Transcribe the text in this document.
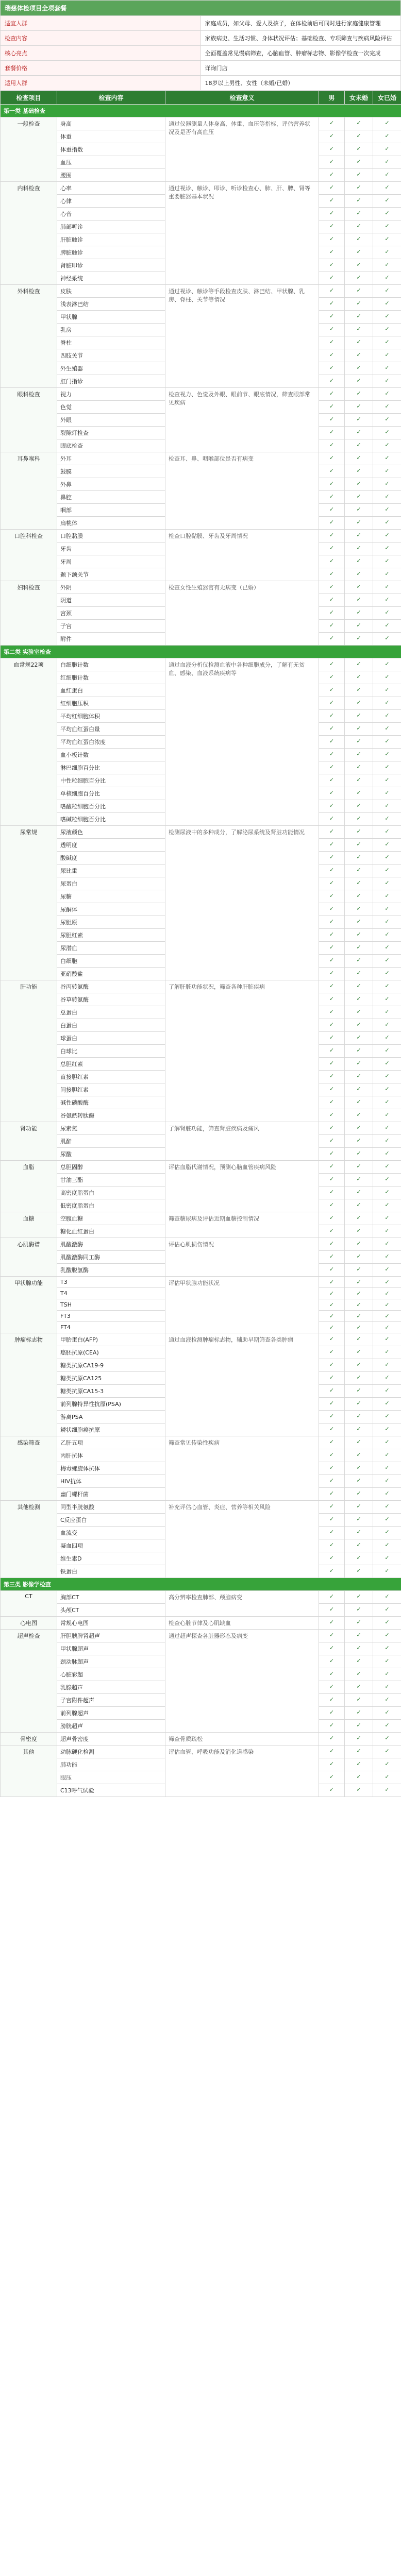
瑞慈体检项目全项套餐	
适宜人群	家庭成员，如父母、爱人及孩子，在体检前后可同时进行家庭健康管理
检查内容	家族病史、生活习惯、身体状况评估；基础检查、专项筛查与疾病风险评估
核心亮点	全面覆盖常见慢病筛查，心脑血管、肿瘤标志物、影像学检查一次完成
套餐价格	详询门店
适用人群	18岁以上男性、女性（未婚/已婚）
检查项目	检查内容	检查意义	男	女未婚	女已婚
第一类 基础检查					
一般检查	身高	通过仪器测量人体身高、体重、血压等指标，评估营养状况及是否有高血压	✓	✓	✓
	体重		✓	✓	✓
	体重指数		✓	✓	✓
	血压		✓	✓	✓
	腰围		✓	✓	✓
内科检查	心率	通过视诊、触诊、叩诊、听诊检查心、肺、肝、脾、肾等重要脏器基本状况	✓	✓	✓
	心律		✓	✓	✓
	心音		✓	✓	✓
	肺部听诊		✓	✓	✓
	肝脏触诊		✓	✓	✓
	脾脏触诊		✓	✓	✓
	肾脏叩诊		✓	✓	✓
	神经系统		✓	✓	✓
外科检查	皮肤	通过视诊、触诊等手段检查皮肤、淋巴结、甲状腺、乳房、脊柱、关节等情况	✓	✓	✓
	浅表淋巴结		✓	✓	✓
	甲状腺		✓	✓	✓
	乳房		✓	✓	✓
	脊柱		✓	✓	✓
	四肢关节		✓	✓	✓
	外生殖器		✓	✓	✓
	肛门指诊		✓	✓	✓
眼科检查	视力	检查视力、色觉及外眼、眼前节、眼底情况，筛查眼部常见疾病	✓	✓	✓
	色觉		✓	✓	✓
	外眼		✓	✓	✓
	裂隙灯检查		✓	✓	✓
	眼底检查		✓	✓	✓
耳鼻喉科	外耳	检查耳、鼻、咽喉部位是否有病变	✓	✓	✓
	鼓膜		✓	✓	✓
	外鼻		✓	✓	✓
	鼻腔		✓	✓	✓
	咽部		✓	✓	✓
	扁桃体		✓	✓	✓
口腔科检查	口腔黏膜	检查口腔黏膜、牙齿及牙周情况	✓	✓	✓
	牙齿		✓	✓	✓
	牙周		✓	✓	✓
	颞下颌关节		✓	✓	✓
妇科检查	外阴	检查女性生殖器官有无病变（已婚）	✓	✓	✓
	阴道		✓	✓	✓
	宫颈		✓	✓	✓
	子宫		✓	✓	✓
	附件		✓	✓	✓
第二类 实验室检查					
血常规22项	白细胞计数	通过血液分析仪检测血液中各种细胞成分，了解有无贫血、感染、血液系统疾病等	✓	✓	✓
	红细胞计数		✓	✓	✓
	血红蛋白		✓	✓	✓
	红细胞压积		✓	✓	✓
	平均红细胞体积		✓	✓	✓
	平均血红蛋白量		✓	✓	✓
	平均血红蛋白浓度		✓	✓	✓
	血小板计数		✓	✓	✓
	淋巴细胞百分比		✓	✓	✓
	中性粒细胞百分比		✓	✓	✓
	单核细胞百分比		✓	✓	✓
	嗜酸粒细胞百分比		✓	✓	✓
	嗜碱粒细胞百分比		✓	✓	✓
尿常规	尿液颜色	检测尿液中的多种成分，了解泌尿系统及肾脏功能情况	✓	✓	✓
	透明度		✓	✓	✓
	酸碱度		✓	✓	✓
	尿比重		✓	✓	✓
	尿蛋白		✓	✓	✓
	尿糖		✓	✓	✓
	尿酮体		✓	✓	✓
	尿胆原		✓	✓	✓
	尿胆红素		✓	✓	✓
	尿潜血		✓	✓	✓
	白细胞		✓	✓	✓
	亚硝酸盐		✓	✓	✓
肝功能	谷丙转氨酶	了解肝脏功能状况，筛查各种肝脏疾病	✓	✓	✓
	谷草转氨酶		✓	✓	✓
	总蛋白		✓	✓	✓
	白蛋白		✓	✓	✓
	球蛋白		✓	✓	✓
	白球比		✓	✓	✓
	总胆红素		✓	✓	✓
	直接胆红素		✓	✓	✓
	间接胆红素		✓	✓	✓
	碱性磷酸酶		✓	✓	✓
	谷氨酰转肽酶		✓	✓	✓
肾功能	尿素氮	了解肾脏功能，筛查肾脏疾病及痛风	✓	✓	✓
	肌酐		✓	✓	✓
	尿酸		✓	✓	✓
血脂	总胆固醇	评估血脂代谢情况，预测心脑血管疾病风险	✓	✓	✓
	甘油三酯		✓	✓	✓
	高密度脂蛋白		✓	✓	✓
	低密度脂蛋白		✓	✓	✓
血糖	空腹血糖	筛查糖尿病及评估近期血糖控制情况	✓	✓	✓
	糖化血红蛋白		✓	✓	✓
心肌酶谱	肌酸激酶	评估心肌损伤情况	✓	✓	✓
	肌酸激酶同工酶		✓	✓	✓
	乳酸脱氢酶		✓	✓	✓
甲状腺功能	T3	评估甲状腺功能状况	✓	✓	✓
	T4		✓	✓	✓
	TSH		✓	✓	✓
	FT3		✓	✓	✓
	FT4		✓	✓	✓
肿瘤标志物	甲胎蛋白(AFP)	通过血液检测肿瘤标志物，辅助早期筛查各类肿瘤	✓	✓	✓
	癌胚抗原(CEA)		✓	✓	✓
	糖类抗原CA19-9		✓	✓	✓
	糖类抗原CA125		✓	✓	✓
	糖类抗原CA15-3		✓	✓	✓
	前列腺特异性抗原(PSA)		✓	✓	✓
	游离PSA		✓	✓	✓
	鳞状细胞癌抗原		✓	✓	✓
感染筛查	乙肝五项	筛查常见传染性疾病	✓	✓	✓
	丙肝抗体		✓	✓	✓
	梅毒螺旋体抗体		✓	✓	✓
	HIV抗体		✓	✓	✓
	幽门螺杆菌		✓	✓	✓
其他检测	同型半胱氨酸	补充评估心血管、炎症、营养等相关风险	✓	✓	✓
	C反应蛋白		✓	✓	✓
	血流变		✓	✓	✓
	凝血四项		✓	✓	✓
	维生素D		✓	✓	✓
	铁蛋白		✓	✓	✓
第三类 影像学检查					
CT	胸部CT	高分辨率检查肺部、颅脑病变	✓	✓	✓
	头颅CT		✓	✓	✓
心电图	常规心电图	检查心脏节律及心肌缺血	✓	✓	✓
超声检查	肝胆胰脾肾超声	通过超声探查各脏器形态及病变	✓	✓	✓
	甲状腺超声		✓	✓	✓
	颈动脉超声		✓	✓	✓
	心脏彩超		✓	✓	✓
	乳腺超声		✓	✓	✓
	子宫附件超声		✓	✓	✓
	前列腺超声		✓	✓	✓
	膀胱超声		✓	✓	✓
骨密度	超声骨密度	筛查骨质疏松	✓	✓	✓
其他	动脉硬化检测	评估血管、呼吸功能及消化道感染	✓	✓	✓
	肺功能		✓	✓	✓
	眼压		✓	✓	✓
	C13呼气试验		✓	✓	✓
